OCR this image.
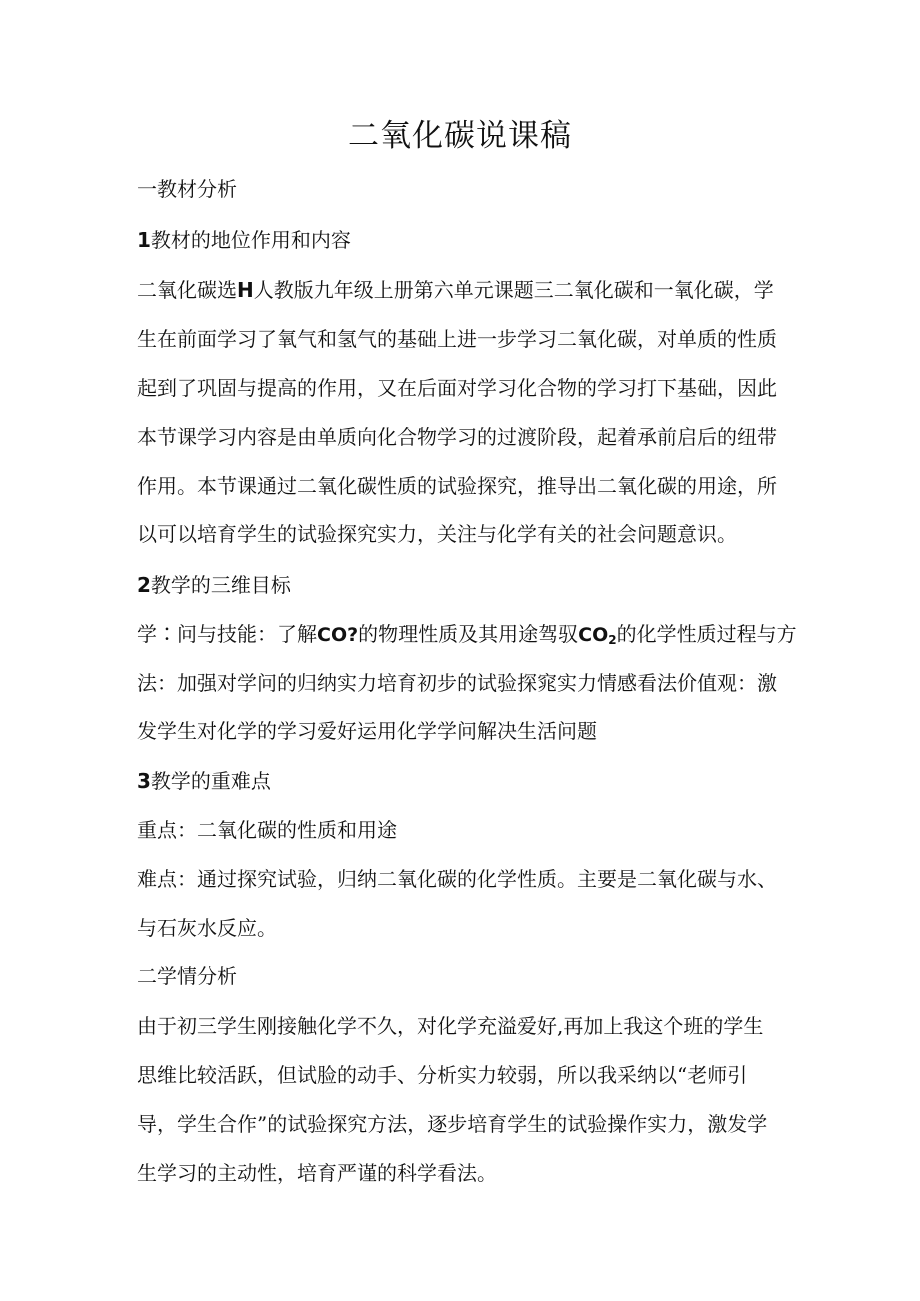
二氧化碳说课稿
一教材分析
1教材的地位作用和内容
二氧化碳选H人教版九年级上册第六单元课题三二氧化碳和一氧化碳，学
生在前面学习了氧气和氢气的基础上进一步学习二氧化碳，对单质的性质
起到了巩固与提高的作用，又在后面对学习化合物的学习打下基础，因此
本节课学习内容是由单质向化合物学习的过渡阶段，起着承前启后的纽带
作用。本节课通过二氧化碳性质的试验探究，推导出二氧化碳的用途，所
以可以培育学生的试验探究实力，关注与化学有关的社会问题意识。
2教学的三维目标
学∶问与技能：了解CO?的物理性质及其用途驾驭$CO_2$的化学性质过程与方
法：加强对学问的归纳实力培育初步的试验探窕实力情感看法价值观：激
发学生对化学的学习爱好运用化学学问解决生活问题
3教学的重难点
重点：二氧化碳的性质和用途
难点：通过探究试验，归纳二氧化碳的化学性质。主要是二氧化碳与水、
与石灰水反应。
二学情分析
由于初三学生刚接触化学不久，对化学充溢爱好,再加上我这个班的学生
思维比较活跃，但试脸的动手、分析实力较弱，所以我采纳以“老师引
导，学生合作”的试验探究方法，逐步培育学生的试验操作实力，激发学
生学习的主动性，培育严谨的科学看法。
